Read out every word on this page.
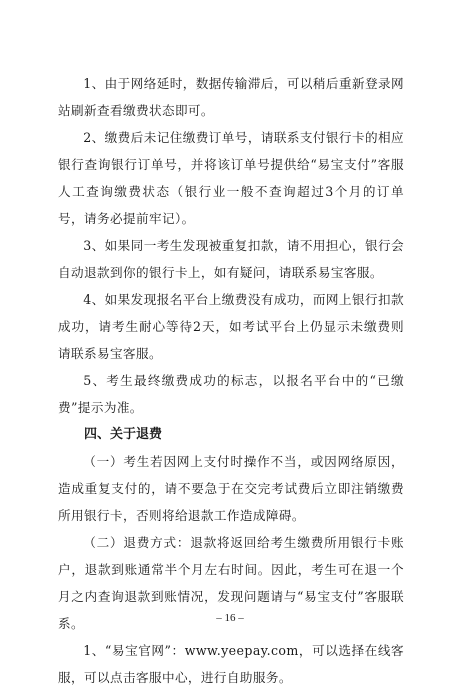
1、由于网络延时，数据传输滞后，可以稍后重新登录网站刷新查看缴费状态即可。

2、缴费后未记住缴费订单号，请联系支付银行卡的相应银行查询银行订单号，并将该订单号提供给“易宝支付”客服人工查询缴费状态（银行业一般不查询超过3个月的订单号，请务必提前牢记）。

3、如果同一考生发现被重复扣款，请不用担心，银行会自动退款到你的银行卡上，如有疑问，请联系易宝客服。

4、如果发现报名平台上缴费没有成功，而网上银行扣款成功，请考生耐心等待2天，如考试平台上仍显示未缴费则请联系易宝客服。

5、考生最终缴费成功的标志，以报名平台中的“已缴费”提示为准。

四、关于退费

（一）考生若因网上支付时操作不当，或因网络原因，造成重复支付的，请不要急于在交完考试费后立即注销缴费所用银行卡，否则将给退款工作造成障碍。

（二）退费方式：退款将返回给考生缴费所用银行卡账户，退款到账通常半个月左右时间。因此，考生可在退一个月之内查询退款到账情况，发现问题请与“易宝支付”客服联系。

1、“易宝官网”：www.yeepay.com，可以选择在线客服，可以点击客服中心，进行自助服务。

– 16 –
